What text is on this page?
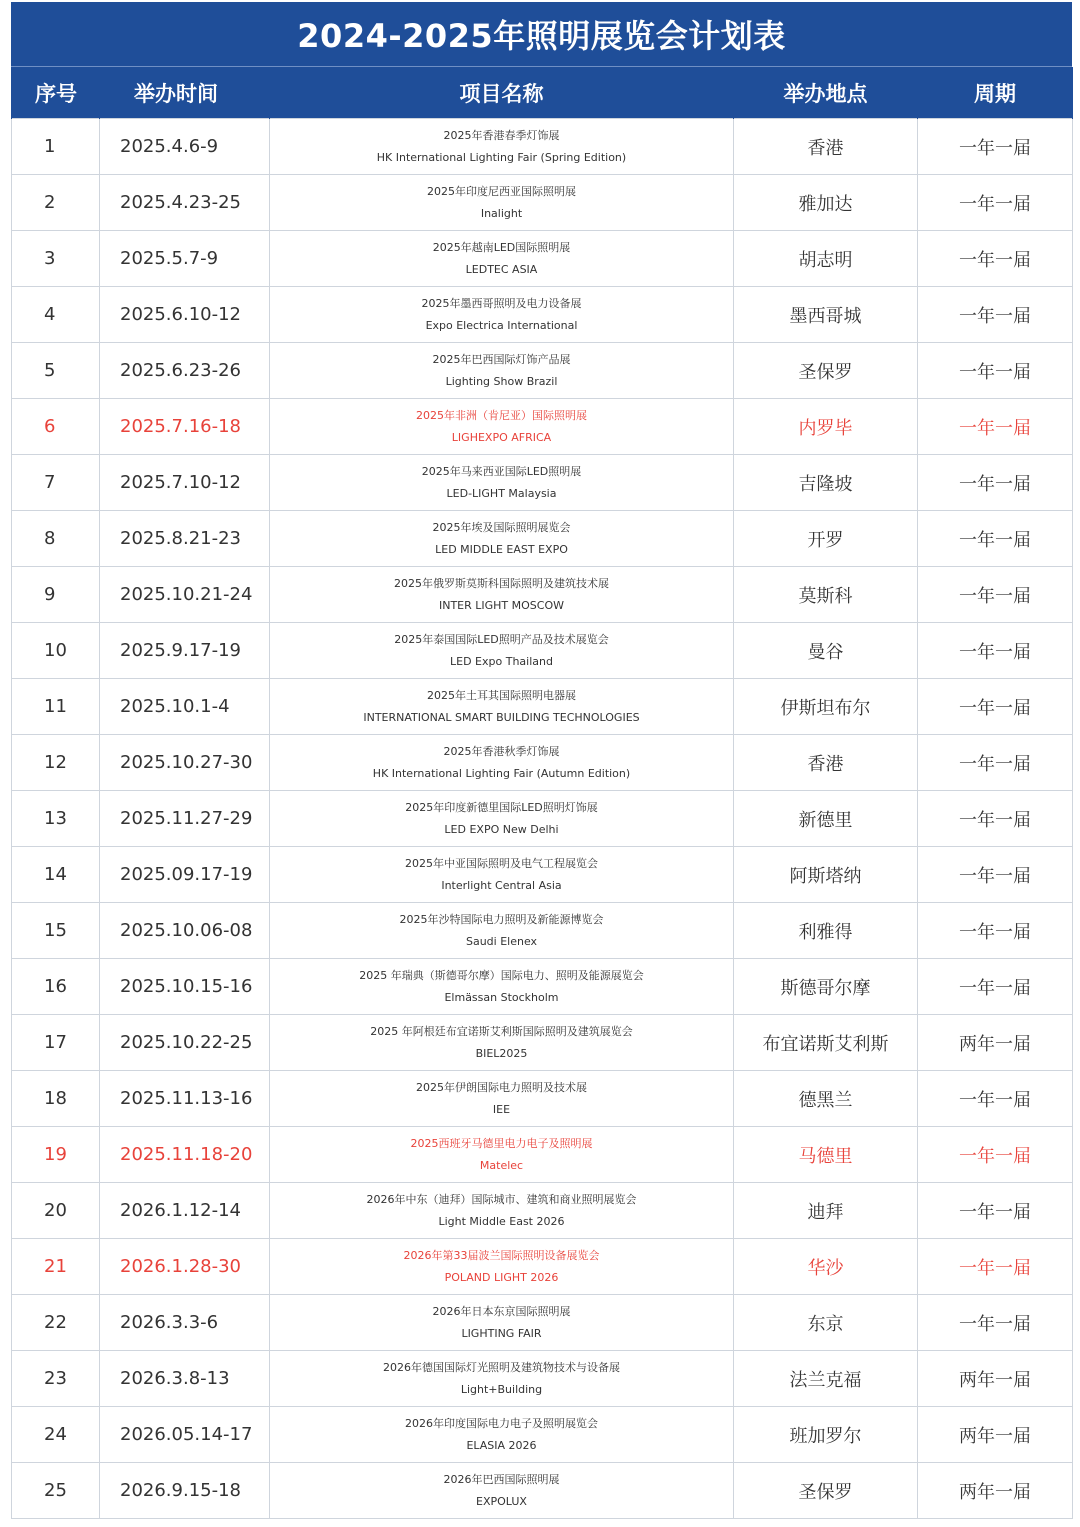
2024-2025年照明展览会计划表
序号	举办时间	项目名称	举办地点	周期
1	2025.4.6-9	2025年香港春季灯饰展
HK International Lighting Fair (Spring Edition)	香港	一年一届
2	2025.4.23-25	2025年印度尼西亚国际照明展
Inalight	雅加达	一年一届
3	2025.5.7-9	2025年越南LED国际照明展
LEDTEC ASIA	胡志明	一年一届
4	2025.6.10-12	2025年墨西哥照明及电力设备展
Expo Electrica International	墨西哥城	一年一届
5	2025.6.23-26	2025年巴西国际灯饰产品展
Lighting Show Brazil	圣保罗	一年一届
6	2025.7.16-18	2025年非洲（肯尼亚）国际照明展
LIGHEXPO AFRICA	内罗毕	一年一届
7	2025.7.10-12	2025年马来西亚国际LED照明展
LED-LIGHT Malaysia	吉隆坡	一年一届
8	2025.8.21-23	2025年埃及国际照明展览会
LED MIDDLE EAST EXPO	开罗	一年一届
9	2025.10.21-24	2025年俄罗斯莫斯科国际照明及建筑技术展
INTER LIGHT MOSCOW	莫斯科	一年一届
10	2025.9.17-19	2025年泰国国际LED照明产品及技术展览会
LED Expo Thailand	曼谷	一年一届
11	2025.10.1-4	2025年土耳其国际照明电器展
INTERNATIONAL SMART BUILDING TECHNOLOGIES	伊斯坦布尔	一年一届
12	2025.10.27-30	2025年香港秋季灯饰展
HK International Lighting Fair (Autumn Edition)	香港	一年一届
13	2025.11.27-29	2025年印度新德里国际LED照明灯饰展
LED EXPO New Delhi	新德里	一年一届
14	2025.09.17-19	2025年中亚国际照明及电气工程展览会
Interlight Central Asia	阿斯塔纳	一年一届
15	2025.10.06-08	2025年沙特国际电力照明及新能源博览会
Saudi Elenex	利雅得	一年一届
16	2025.10.15-16	2025 年瑞典（斯德哥尔摩）国际电力、照明及能源展览会
Elmässan Stockholm	斯德哥尔摩	一年一届
17	2025.10.22-25	2025 年阿根廷布宜诺斯艾利斯国际照明及建筑展览会
BIEL2025	布宜诺斯艾利斯	两年一届
18	2025.11.13-16	2025年伊朗国际电力照明及技术展
IEE	德黑兰	一年一届
19	2025.11.18-20	2025西班牙马德里电力电子及照明展
Matelec	马德里	一年一届
20	2026.1.12-14	2026年中东（迪拜）国际城市、建筑和商业照明展览会
Light Middle East 2026	迪拜	一年一届
21	2026.1.28-30	2026年第33届波兰国际照明设备展览会
POLAND LIGHT 2026	华沙	一年一届
22	2026.3.3-6	2026年日本东京国际照明展
LIGHTING FAIR	东京	一年一届
23	2026.3.8-13	2026年德国国际灯光照明及建筑物技术与设备展
Light+Building	法兰克福	两年一届
24	2026.05.14-17	2026年印度国际电力电子及照明展览会
ELASIA 2026	班加罗尔	两年一届
25	2026.9.15-18	2026年巴西国际照明展
EXPOLUX	圣保罗	两年一届
